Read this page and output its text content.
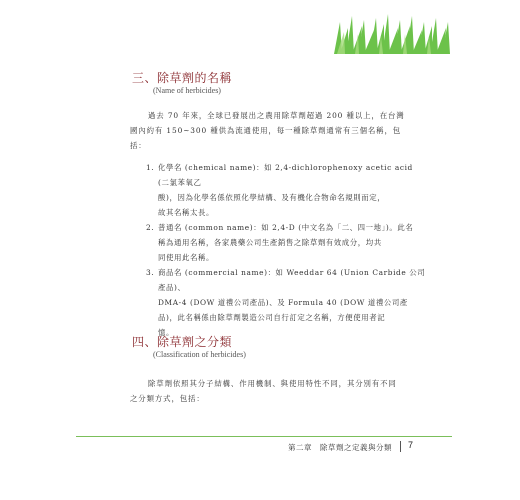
三、除草劑的名稱
(Name of herbicides)
過去 70 年來，全球已發展出之農用除草劑超過 200 種以上，在台灣
國內約有 150~300 種供為流通使用，每一種除草劑通常有三個名稱，包
括：
1. 化學名 (chemical name)：如 2,4-dichlorophenoxy acetic acid (二氯苯氧乙
酸)，因為化學名係依照化學結構、及有機化合物命名規則而定，
故其名稱太長。
2. 普通名 (common name)：如 2,4-D (中文名為「二、四一地」)。此名
稱為通用名稱，各家農藥公司生產銷售之除草劑有效成分，均共
同使用此名稱。
3. 商品名 (commercial name)：如 Weeddar 64 (Union Carbide 公司產品)、
DMA-4 (DOW 道禮公司產品)、及 Formula 40 (DOW 道禮公司產
品)，此名稱係由除草劑製造公司自行訂定之名稱，方便使用者記
憶。
四、除草劑之分類
(Classification of herbicides)
除草劑依照其分子結構、作用機制、與使用特性不同，其分別有不同
之分類方式，包括：
第二章　除草劑之定義與分類 7
